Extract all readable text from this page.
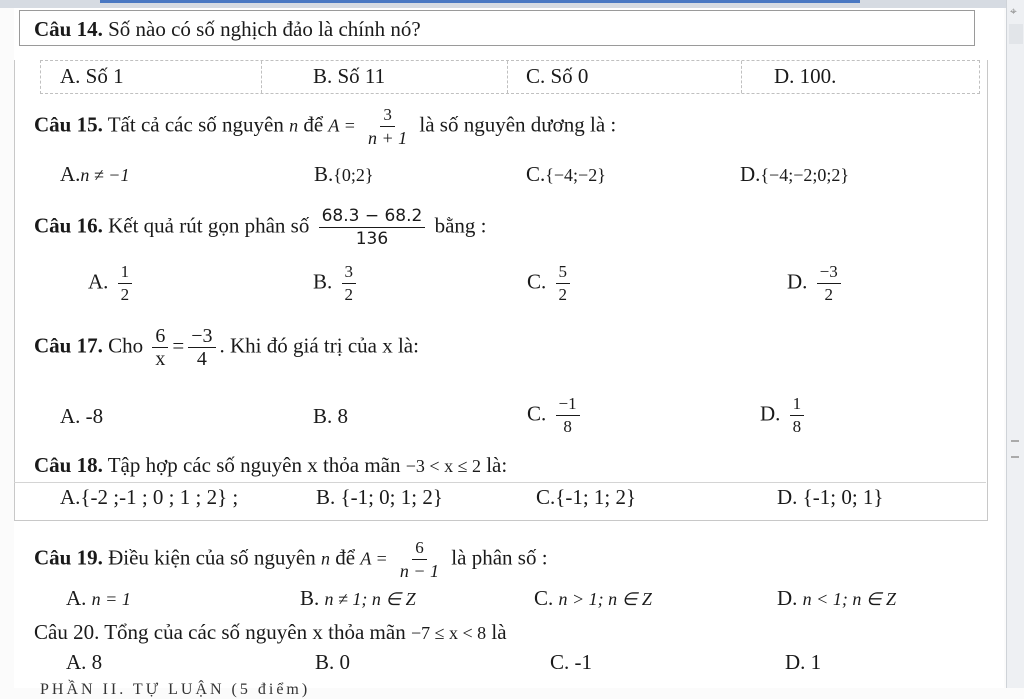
⌖
Câu 14. Số nào có số nghịch đảo là chính nó?
A. Số 1	B. Số 11	C. Số 0	D. 100.
Câu 15. Tất cả các số nguyên n để $A = \frac{3}{n + 1}$ là số nguyên dương là :
A.n ≠ −1	B.{0;2}	C.{−4;−2}	D.{−4;−2;0;2}
Câu 16. Kết quả rút gọn phân số $\frac{68.3 - 68.2}{136}$ bằng :
A. $\frac{1}{2}$	B. $\frac{3}{2}$	C. $\frac{5}{2}$	D. $\frac{-3}{2}$
Câu 17. Cho $\frac{6}{x} = \frac{-3}{4}$ . Khi đó giá trị của x là:
A. -8	B. 8	C. $\frac{-1}{8}$	D. $\frac{1}{8}$
Câu 18. Tập hợp các số nguyên x thỏa mãn −3 < x ≤ 2 là:
A.{-2 ;-1 ; 0 ; 1 ; 2} ;	B. {-1; 0; 1; 2}	C.{-1; 1; 2}	D. {-1; 0; 1}
Câu 19. Điều kiện của số nguyên n để $A = \frac{6}{n - 1}$ là phân số :
A. n = 1	B. n ≠ 1; n ∈ Z	C. n > 1; n ∈ Z	D. n < 1; n ∈ Z
Câu 20. Tổng của các số nguyên x thỏa mãn −7 ≤ x < 8 là
A. 8	B. 0	C. -1	D. 1
PHẦN II. TỰ LUẬN (5 điểm)
